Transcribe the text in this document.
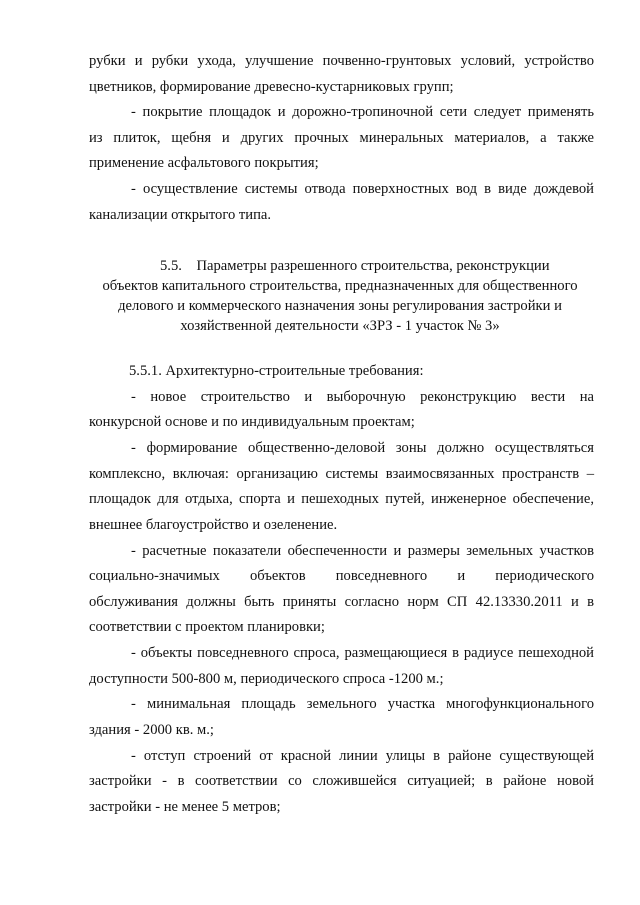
рубки и рубки ухода, улучшение почвенно-грунтовых условий, устройство
цветников, формирование древесно-кустарниковых групп;
- покрытие площадок и дорожно-тропиночной сети следует применять
из плиток, щебня и других прочных минеральных материалов, а также
применение асфальтового покрытия;
- осуществление системы отвода поверхностных вод в виде дождевой
канализации открытого типа.
5.5.    Параметры разрешенного строительства, реконструкции
объектов капитального строительства, предназначенных для общественного
делового и коммерческого назначения зоны регулирования застройки и
хозяйственной деятельности «ЗРЗ - 1 участок № 3»
5.5.1. Архитектурно-строительные требования:
- новое строительство и выборочную реконструкцию вести на
конкурсной основе и по индивидуальным проектам;
- формирование общественно-деловой зоны должно осуществляться
комплексно, включая: организацию системы взаимосвязанных пространств –
площадок для отдыха, спорта и пешеходных путей, инженерное обеспечение,
внешнее благоустройство и озеленение.
- расчетные показатели обеспеченности и размеры земельных участков
социально-значимых объектов повседневного и периодического
обслуживания должны быть приняты согласно норм СП 42.13330.2011 и в
соответствии с проектом планировки;
- объекты повседневного спроса, размещающиеся в радиусе пешеходной
доступности 500-800 м, периодического спроса -1200 м.;
- минимальная площадь земельного участка многофункционального
здания - 2000 кв. м.;
- отступ строений от красной линии улицы в районе существующей
застройки - в соответствии со сложившейся ситуацией; в районе новой
застройки - не менее 5 метров;
